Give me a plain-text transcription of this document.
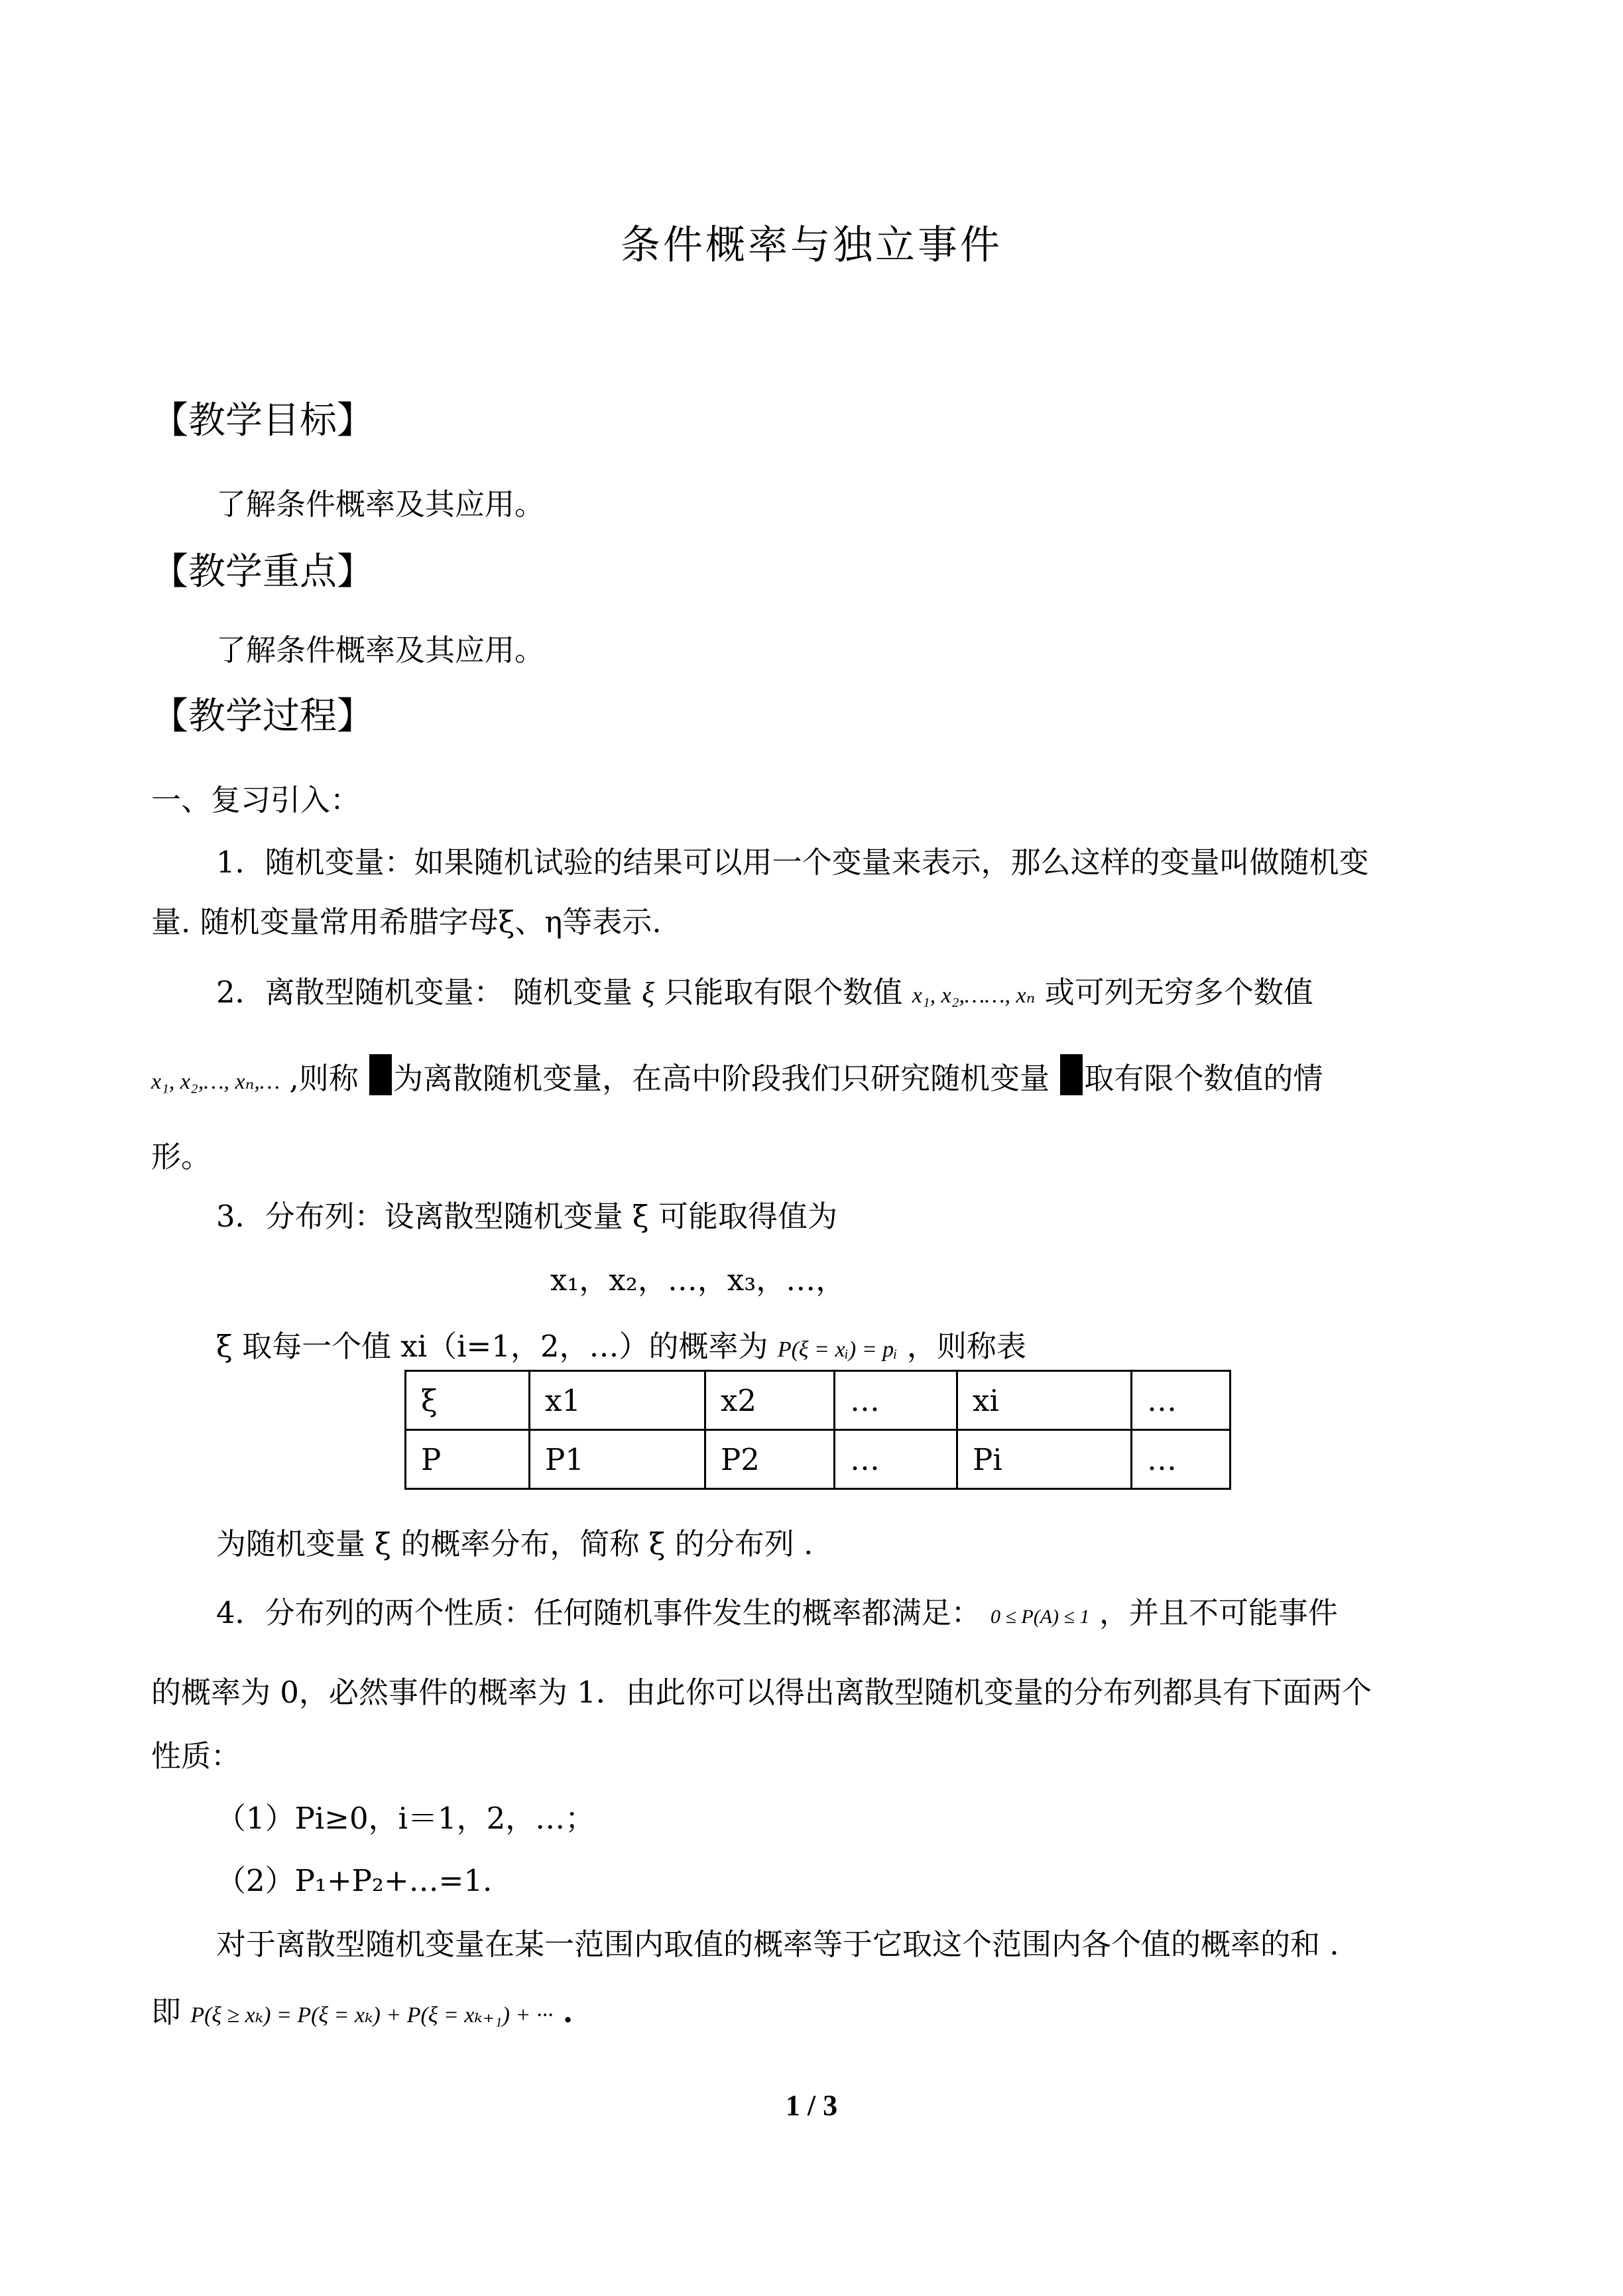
条件概率与独立事件
【教学目标】
了解条件概率及其应用。
【教学重点】
了解条件概率及其应用。
【教学过程】
一、复习引入：
1．随机变量：如果随机试验的结果可以用一个变量来表示，那么这样的变量叫做随机变
量. 随机变量常用希腊字母ξ、η等表示.
2．离散型随机变量： 随机变量 ξ 只能取有限个数值 x₁, x₂,……, xₙ 或可列无穷多个数值
x₁, x₂,…, xₙ,… ,则称 为离散随机变量，在高中阶段我们只研究随机变量 取有限个数值的情
形。
3．分布列：设离散型随机变量 ξ 可能取得值为
x₁，x₂，…，x₃，…，
ξ 取每一个值 xi（i=1，2，…）的概率为 P(ξ = xᵢ) = pᵢ ，则称表
ξ	x1	x2	…	xi	…
P	P1	P2	…	Pi	…
为随机变量 ξ 的概率分布，简称 ξ 的分布列 .
4．分布列的两个性质：任何随机事件发生的概率都满足： 0 ≤ P(A) ≤ 1 ，并且不可能事件
的概率为 0，必然事件的概率为 1．由此你可以得出离散型随机变量的分布列都具有下面两个
性质：
（1）Pi≥0，i＝1，2，…；
（2）P₁+P₂+…=1.
对于离散型随机变量在某一范围内取值的概率等于它取这个范围内各个值的概率的和 .
即 P(ξ ≥ xₖ) = P(ξ = xₖ) + P(ξ = xₖ₊₁) + ··· .
1 / 3
